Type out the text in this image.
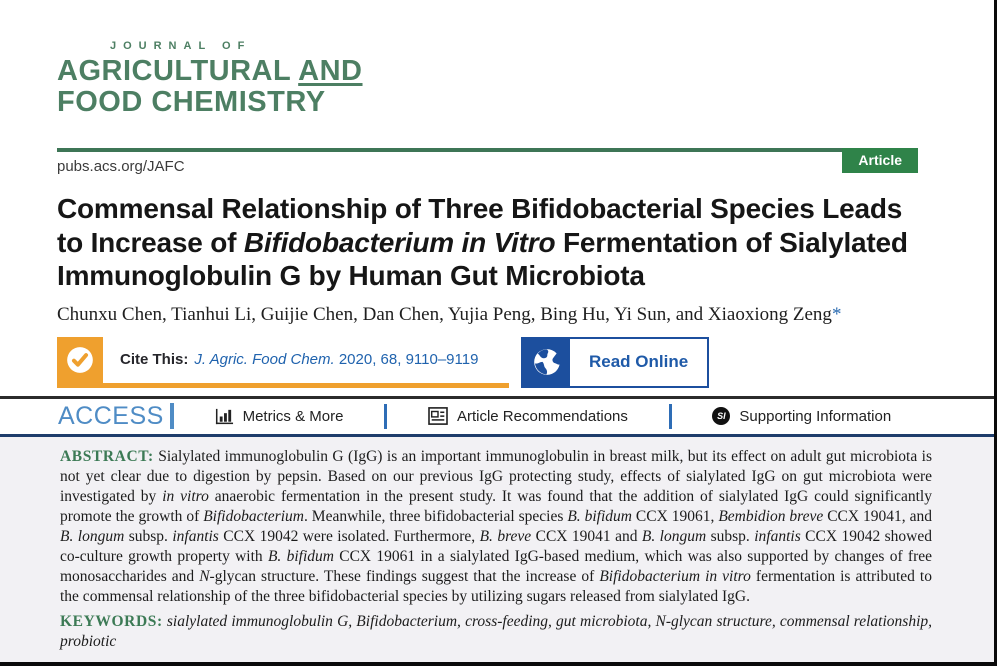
JOURNAL OF
AGRICULTURAL AND
FOOD CHEMISTRY
pubs.acs.org/JAFC	Article
Commensal Relationship of Three Bifidobacterial Species Leads to Increase of Bifidobacterium in Vitro Fermentation of Sialylated Immunoglobulin G by Human Gut Microbiota
Chunxu Chen, Tianhui Li, Guijie Chen, Dan Chen, Yujia Peng, Bing Hu, Yi Sun, and Xiaoxiong Zeng*
Cite This: J. Agric. Food Chem. 2020, 68, 9110–9119	Read Online
ACCESS	Metrics & More	Article Recommendations	SI Supporting Information

ABSTRACT: Sialylated immunoglobulin G (IgG) is an important immunoglobulin in breast milk, but its effect on adult gut microbiota is not yet clear due to digestion by pepsin. Based on our previous IgG protecting study, effects of sialylated IgG on gut microbiota were investigated by in vitro anaerobic fermentation in the present study. It was found that the addition of sialylated IgG could significantly promote the growth of Bifidobacterium. Meanwhile, three bifidobacterial species B. bifidum CCX 19061, Bembidion breve CCX 19041, and B. longum subsp. infantis CCX 19042 were isolated. Furthermore, B. breve CCX 19041 and B. longum subsp. infantis CCX 19042 showed co-culture growth property with B. bifidum CCX 19061 in a sialylated IgG-based medium, which was also supported by changes of free monosaccharides and N-glycan structure. These findings suggest that the increase of Bifidobacterium in vitro fermentation is attributed to the commensal relationship of the three bifidobacterial species by utilizing sugars released from sialylated IgG.

KEYWORDS: sialylated immunoglobulin G, Bifidobacterium, cross-feeding, gut microbiota, N-glycan structure, commensal relationship, probiotic
